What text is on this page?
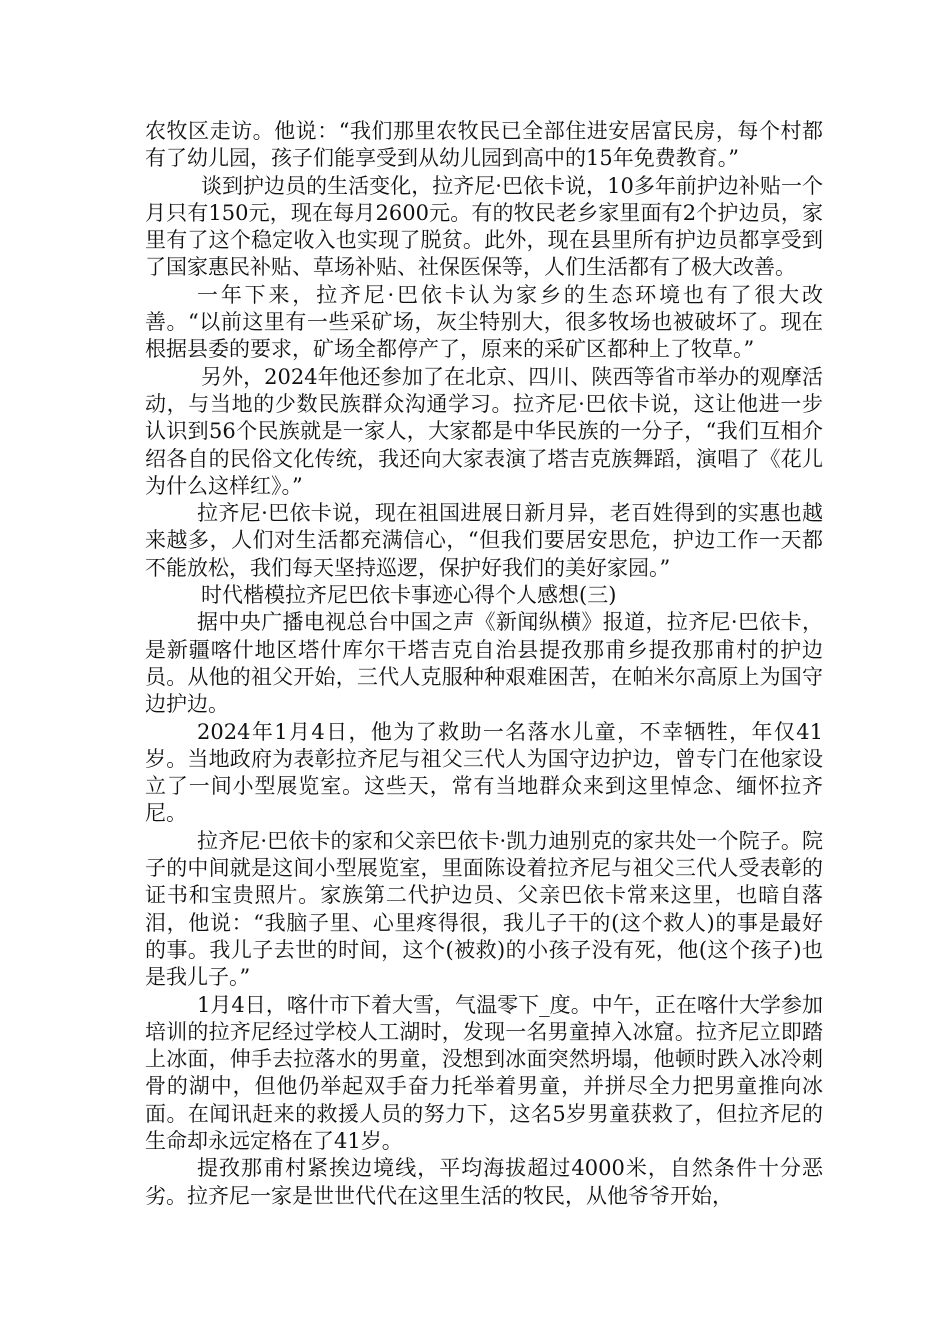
农牧区走访。他说：“我们那里农牧民已全部住进安居富民房，每个村都有了幼儿园，孩子们能享受到从幼儿园到高中的15年免费教育。”

谈到护边员的生活变化，拉齐尼·巴依卡说，10多年前护边补贴一个月只有150元，现在每月2600元。有的牧民老乡家里面有2个护边员，家里有了这个稳定收入也实现了脱贫。此外，现在县里所有护边员都享受到了国家惠民补贴、草场补贴、社保医保等，人们生活都有了极大改善。

一年下来，拉齐尼·巴依卡认为家乡的生态环境也有了很大改善。“以前这里有一些采矿场，灰尘特别大，很多牧场也被破坏了。现在根据县委的要求，矿场全都停产了，原来的采矿区都种上了牧草。”

另外，2024年他还参加了在北京、四川、陕西等省市举办的观摩活动，与当地的少数民族群众沟通学习。拉齐尼·巴依卡说，这让他进一步认识到56个民族就是一家人，大家都是中华民族的一分子，“我们互相介绍各自的民俗文化传统，我还向大家表演了塔吉克族舞蹈，演唱了《花儿为什么这样红》。”

拉齐尼·巴依卡说，现在祖国进展日新月异，老百姓得到的实惠也越来越多，人们对生活都充满信心，“但我们要居安思危，护边工作一天都不能放松，我们每天坚持巡逻，保护好我们的美好家园。”

时代楷模拉齐尼巴依卡事迹心得个人感想(三)

据中央广播电视总台中国之声《新闻纵横》报道，拉齐尼·巴依卡，是新疆喀什地区塔什库尔干塔吉克自治县提孜那甫乡提孜那甫村的护边员。从他的祖父开始，三代人克服种种艰难困苦，在帕米尔高原上为国守边护边。

2024年1月4日，他为了救助一名落水儿童，不幸牺牲，年仅41岁。当地政府为表彰拉齐尼与祖父三代人为国守边护边，曾专门在他家设立了一间小型展览室。这些天，常有当地群众来到这里悼念、缅怀拉齐尼。

拉齐尼·巴依卡的家和父亲巴依卡·凯力迪别克的家共处一个院子。院子的中间就是这间小型展览室，里面陈设着拉齐尼与祖父三代人受表彰的证书和宝贵照片。家族第二代护边员、父亲巴依卡常来这里，也暗自落泪，他说：“我脑子里、心里疼得很，我儿子干的(这个救人)的事是最好的事。我儿子去世的时间，这个(被救)的小孩子没有死，他(这个孩子)也是我儿子。”

1月4日，喀什市下着大雪，气温零下_度。中午，正在喀什大学参加培训的拉齐尼经过学校人工湖时，发现一名男童掉入冰窟。拉齐尼立即踏上冰面，伸手去拉落水的男童，没想到冰面突然坍塌，他顿时跌入冰冷刺骨的湖中，但他仍举起双手奋力托举着男童，并拼尽全力把男童推向冰面。在闻讯赶来的救援人员的努力下，这名5岁男童获救了，但拉齐尼的生命却永远定格在了41岁。

提孜那甫村紧挨边境线，平均海拔超过4000米，自然条件十分恶劣。拉齐尼一家是世世代代在这里生活的牧民，从他爷爷开始，
